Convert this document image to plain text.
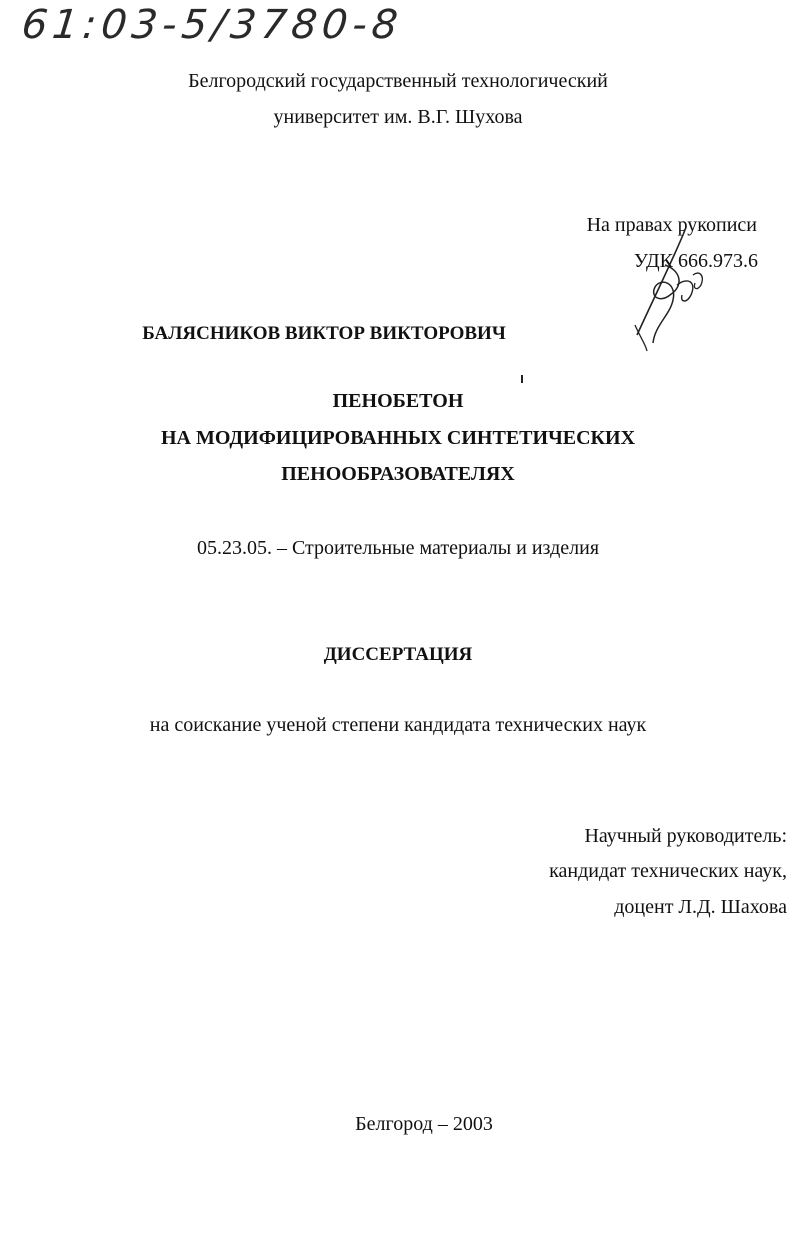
61:03-5/3780-8
Белгородский государственный технологический
университет им. В.Г. Шухова
На правах рукописи
УДК 666.973.6
БАЛЯСНИКОВ ВИКТОР ВИКТОРОВИЧ
ПЕНОБЕТОН
НА МОДИФИЦИРОВАННЫХ СИНТЕТИЧЕСКИХ
ПЕНООБРАЗОВАТЕЛЯХ
05.23.05. – Строительные материалы и изделия
ДИССЕРТАЦИЯ
на соискание ученой степени кандидата технических наук
Научный руководитель:
кандидат технических наук,
доцент Л.Д. Шахова
Белгород – 2003
